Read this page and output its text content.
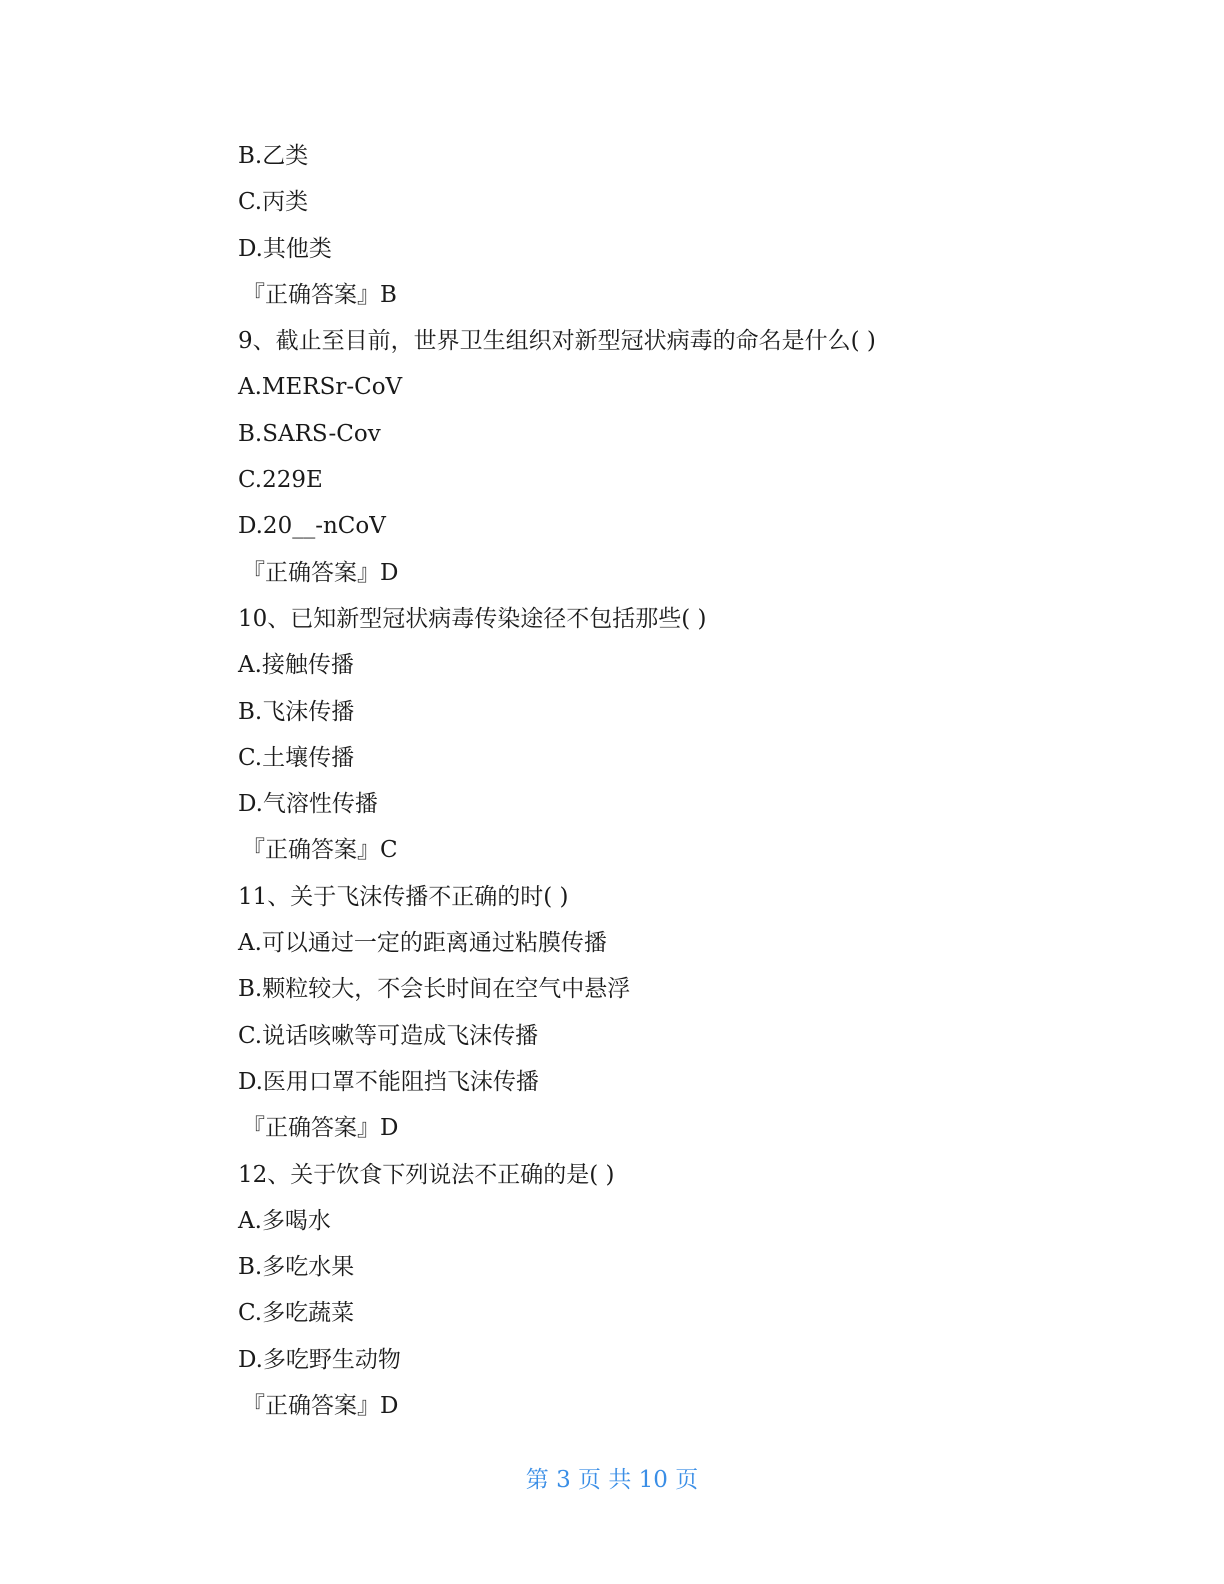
B.乙类
C.丙类
D.其他类
『正确答案』B
9、截止至目前，世界卫生组织对新型冠状病毒的命名是什么( )
A.MERSr-CoV
B.SARS-Cov
C.229E
D.20__-nCoV
『正确答案』D
10、已知新型冠状病毒传染途径不包括那些( )
A.接触传播
B.飞沫传播
C.土壤传播
D.气溶性传播
『正确答案』C
11、关于飞沫传播不正确的时( )
A.可以通过一定的距离通过粘膜传播
B.颗粒较大，不会长时间在空气中悬浮
C.说话咳嗽等可造成飞沫传播
D.医用口罩不能阻挡飞沫传播
『正确答案』D
12、关于饮食下列说法不正确的是( )
A.多喝水
B.多吃水果
C.多吃蔬菜
D.多吃野生动物
『正确答案』D
第 3 页 共 10 页
